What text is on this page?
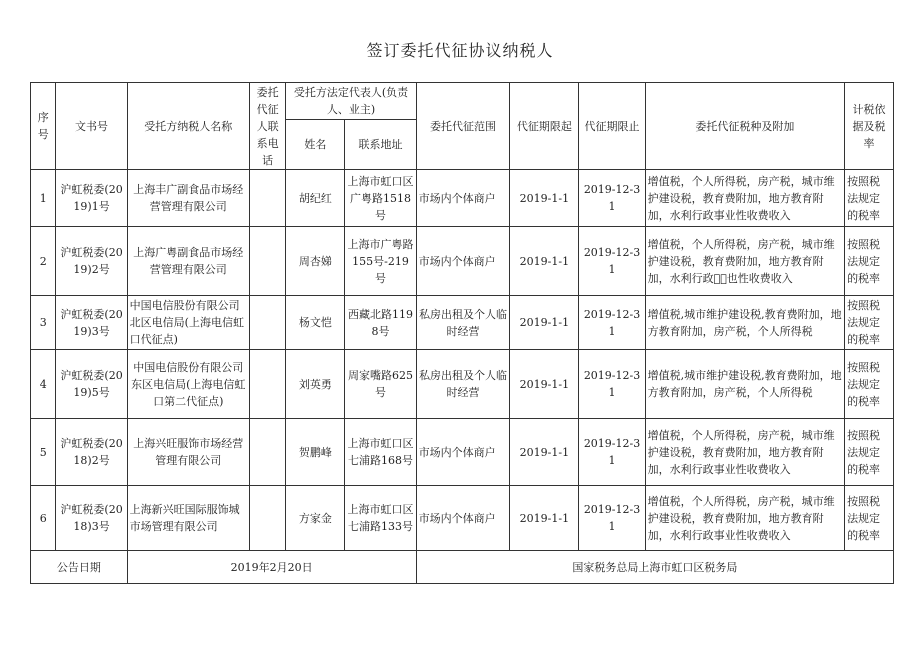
签订委托代征协议纳税人
序号	文书号	受托方纳税人名称	委托代征人联系电话	受托方法定代表人(负责人、业主)		委托代征范围	代征期限起	代征期限止	委托代征税种及附加	计税依据及税率
				姓名	联系地址					
1	沪虹税委(2019)1号	上海丰广副食品市场经营管理有限公司		胡纪红	上海市虹口区广粤路1518号	市场内个体商户	2019-1-1	2019-12-31	增值税，个人所得税，房产税，城市维护建设税，教育费附加，地方教育附加，水利行政事业性收费收入	按照税法规定的税率
2	沪虹税委(2019)2号	上海广粤副食品市场经营管理有限公司		周杏娣	上海市广粤路155号-219号	市场内个体商户	2019-1-1	2019-12-31	增值税，个人所得税，房产税，城市维护建设税，教育费附加，地方教育附加，水利行政事᷃也性收费收入	按照税法规定的税率
3	沪虹税委(2019)3号	中国电信股份有限公司北区电信局(上海电信虹口代征点)		杨文恺	西藏北路1198号	私房出租及个人临时经营	2019-1-1	2019-12-31	增值税,城市维护建设税,教育费附加，地方教育附加，房产税，个人所得税	按照税法规定的税率
4	沪虹税委(2019)5号	中国电信股份有限公司东区电信局(上海电信虹口第二代征点)		刘英勇	周家嘴路625号	私房出租及个人临时经营	2019-1-1	2019-12-31	增值税,城市维护建设税,教育费附加，地方教育附加，房产税，个人所得税	按照税法规定的税率
5	沪虹税委(2018)2号	上海兴旺服饰市场经营管理有限公司		贺鹏峰	上海市虹口区七浦路168号	市场内个体商户	2019-1-1	2019-12-31	增值税，个人所得税，房产税，城市维护建设税，教育费附加，地方教育附加，水利行政事业性收费收入	按照税法规定的税率
6	沪虹税委(2018)3号	上海新兴旺国际服饰城市场管理有限公司		方家金	上海市虹口区七浦路133号	市场内个体商户	2019-1-1	2019-12-31	增值税，个人所得税，房产税，城市维护建设税，教育费附加，地方教育附加，水利行政事业性收费收入	按照税法规定的税率
公告日期		2019年2月20日				国家税务总局上海市虹口区税务局				
